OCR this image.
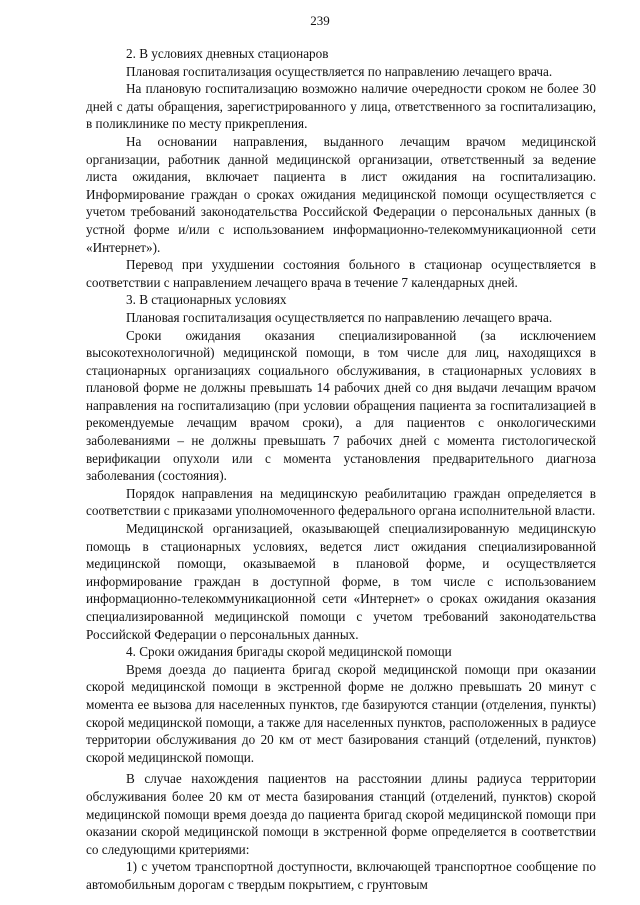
239

2. В условиях дневных стационаров

Плановая госпитализация осуществляется по направлению лечащего врача.

На плановую госпитализацию возможно наличие очередности сроком не более 30 дней с даты обращения, зарегистрированного у лица, ответственного за госпитализацию, в поликлинике по месту прикрепления.

На основании направления, выданного лечащим врачом медицинской организации, работник данной медицинской организации, ответственный за ведение листа ожидания, включает пациента в лист ожидания на госпитализацию. Информирование граждан о сроках ожидания медицинской помощи осуществляется с учетом требований законодательства Российской Федерации о персональных данных (в устной форме и/или с использованием информационно-телекоммуникационной сети «Интернет»).

Перевод при ухудшении состояния больного в стационар осуществляется в соответствии с направлением лечащего врача в течение 7 календарных дней.

3. В стационарных условиях

Плановая госпитализация осуществляется по направлению лечащего врача.

Сроки ожидания оказания специализированной (за исключением высокотехнологичной) медицинской помощи, в том числе для лиц, находящихся в стационарных организациях социального обслуживания, в стационарных условиях в плановой форме не должны превышать 14 рабочих дней со дня выдачи лечащим врачом направления на госпитализацию (при условии обращения пациента за госпитализацией в рекомендуемые лечащим врачом сроки), а для пациентов с онкологическими заболеваниями – не должны превышать 7 рабочих дней с момента гистологической верификации опухоли или с момента установления предварительного диагноза заболевания (состояния).

Порядок направления на медицинскую реабилитацию граждан определяется в соответствии с приказами уполномоченного федерального органа исполнительной власти.

Медицинской организацией, оказывающей специализированную медицинскую помощь в стационарных условиях, ведется лист ожидания специализированной медицинской помощи, оказываемой в плановой форме, и осуществляется информирование граждан в доступной форме, в том числе с использованием информационно-телекоммуникационной сети «Интернет» о сроках ожидания оказания специализированной медицинской помощи с учетом требований законодательства Российской Федерации о персональных данных.

4. Сроки ожидания бригады скорой медицинской помощи

Время доезда до пациента бригад скорой медицинской помощи при оказании скорой медицинской помощи в экстренной форме не должно превышать 20 минут с момента ее вызова для населенных пунктов, где базируются станции (отделения, пункты) скорой медицинской помощи, а также для населенных пунктов, расположенных в радиусе территории обслуживания до 20 км от мест базирования станций (отделений, пунктов) скорой медицинской помощи.

В случае нахождения пациентов на расстоянии длины радиуса территории обслуживания более 20 км от места базирования станций (отделений, пунктов) скорой медицинской помощи время доезда до пациента бригад скорой медицинской помощи при оказании скорой медицинской помощи в экстренной форме определяется в соответствии со следующими критериями:

1) с учетом транспортной доступности, включающей транспортное сообщение по автомобильным дорогам с твердым покрытием, с грунтовым
